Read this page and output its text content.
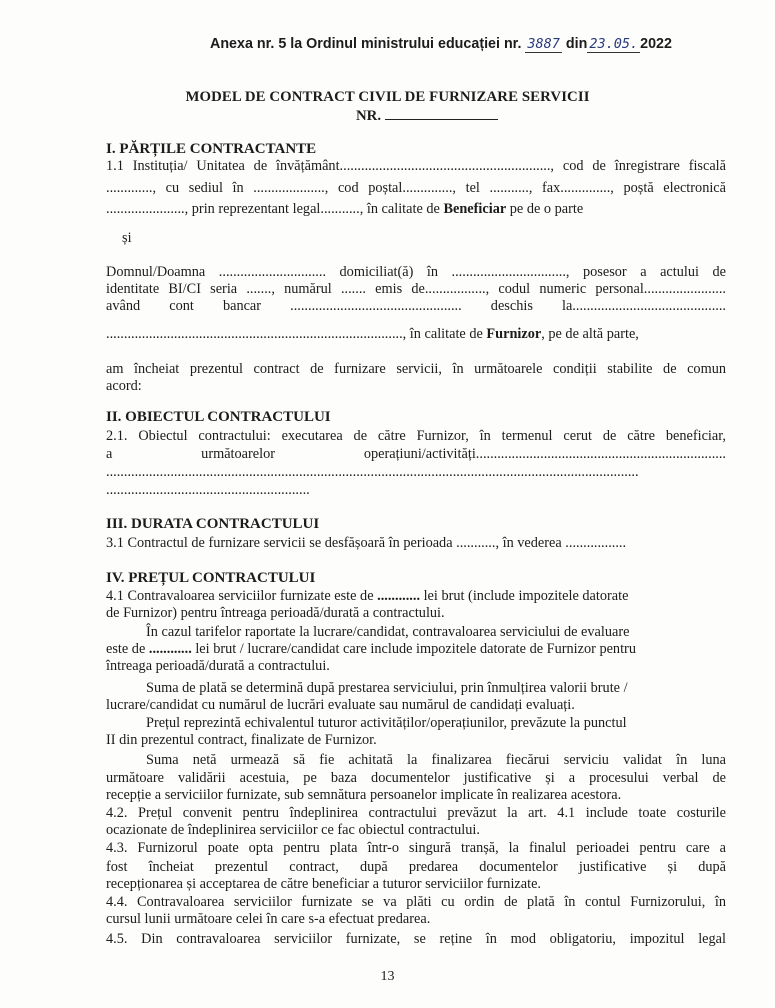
Anexa nr. 5 la Ordinul ministrului educației nr. 3887 din 23.05. 2022
MODEL DE CONTRACT CIVIL DE FURNIZARE SERVICII
NR.
I. PĂRȚILE CONTRACTANTE
1.1 Instituția/ Unitatea de învățământ..........................................................., cod de înregistrare fiscală
............., cu sediul în ...................., cod poștal.............., tel ..........., fax.............., poștă electronică
......................, prin reprezentant legal..........., în calitate de Beneficiar pe de o parte
și
Domnul/Doamna .............................. domiciliat(ă) în ................................, posesor a actului de
identitate BI/CI seria ......., numărul ....... emis de................., codul numeric personal.......................
având cont bancar ................................................ deschis la...........................................
..................................................................................., în calitate de Furnizor, pe de altă parte,
am încheiat prezentul contract de furnizare servicii, în următoarele condiții stabilite de comun
acord:
II. OBIECTUL CONTRACTULUI
2.1. Obiectul contractului: executarea de către Furnizor, în termenul cerut de către beneficiar,
a următoarelor operațiuni/activități......................................................................
.....................................................................................................................................................
.........................................................
III. DURATA CONTRACTULUI
3.1 Contractul de furnizare servicii se desfășoară în perioada ..........., în vederea .................
IV. PREȚUL CONTRACTULUI
4.1 Contravaloarea serviciilor furnizate este de ............ lei brut (include impozitele datorate
de Furnizor) pentru întreaga perioadă/durată a contractului.
În cazul tarifelor raportate la lucrare/candidat, contravaloarea serviciului de evaluare
este de ............ lei brut / lucrare/candidat care include impozitele datorate de Furnizor pentru
întreaga perioadă/durată a contractului.
Suma de plată se determină după prestarea serviciului, prin înmulțirea valorii brute /
lucrare/candidat cu numărul de lucrări evaluate sau numărul de candidați evaluați.
Prețul reprezintă echivalentul tuturor activităților/operațiunilor, prevăzute la punctul
II din prezentul contract, finalizate de Furnizor.
Suma netă urmează să fie achitată la finalizarea fiecărui serviciu validat în luna
următoare validării acestuia, pe baza documentelor justificative și a procesului verbal de
recepție a serviciilor furnizate, sub semnătura persoanelor implicate în realizarea acestora.
4.2. Prețul convenit pentru îndeplinirea contractului prevăzut la art. 4.1 include toate costurile
ocazionate de îndeplinirea serviciilor ce fac obiectul contractului.
4.3. Furnizorul poate opta pentru plata într-o singură tranșă, la finalul perioadei pentru care a
fost încheiat prezentul contract, după predarea documentelor justificative și după
recepționarea și acceptarea de către beneficiar a tuturor serviciilor furnizate.
4.4. Contravaloarea serviciilor furnizate se va plăti cu ordin de plată în contul Furnizorului, în
cursul lunii următoare celei în care s-a efectuat predarea.
4.5. Din contravaloarea serviciilor furnizate, se reține în mod obligatoriu, impozitul legal
13
